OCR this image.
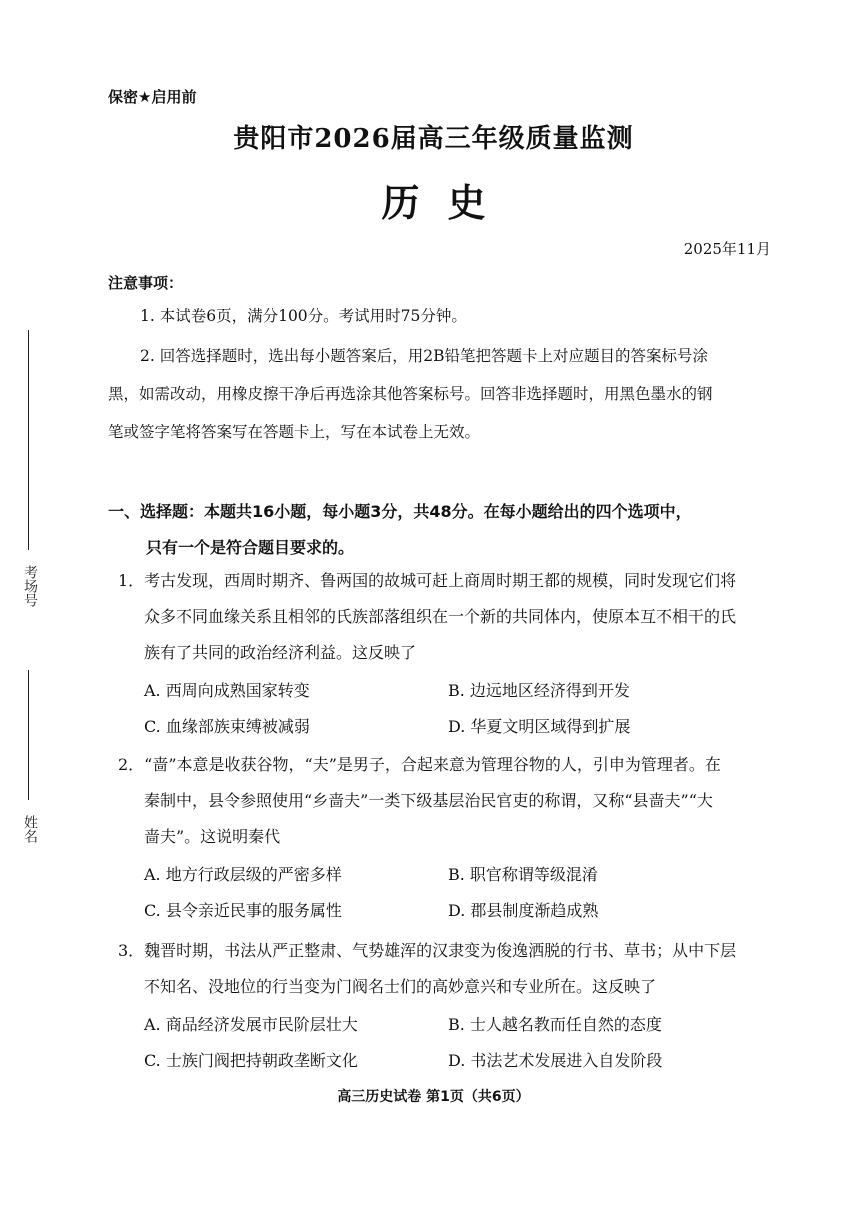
考场号
姓名
保密★启用前
贵阳市2026届高三年级质量监测
历史
2025年11月
注意事项：
1. 本试卷6页，满分100分。考试用时75分钟。
2. 回答选择题时，选出每小题答案后，用2B铅笔把答题卡上对应题目的答案标号涂
黑，如需改动，用橡皮擦干净后再选涂其他答案标号。回答非选择题时，用黑色墨水的钢
笔或签字笔将答案写在答题卡上，写在本试卷上无效。
一、选择题：本题共16小题，每小题3分，共48分。在每小题给出的四个选项中，
只有一个是符合题目要求的。
1．考古发现，西周时期齐、鲁两国的故城可赶上商周时期王都的规模，同时发现它们将
众多不同血缘关系且相邻的氏族部落组织在一个新的共同体内，使原本互不相干的氏
族有了共同的政治经济利益。这反映了
A. 西周向成熟国家转变	B. 边远地区经济得到开发
C. 血缘部族束缚被减弱	D. 华夏文明区域得到扩展
2．“啬”本意是收获谷物，“夫”是男子，合起来意为管理谷物的人，引申为管理者。在
秦制中，县令参照使用“乡啬夫”一类下级基层治民官吏的称谓，又称“县啬夫”“大
啬夫”。这说明秦代
A. 地方行政层级的严密多样	B. 职官称谓等级混淆
C. 县令亲近民事的服务属性	D. 郡县制度渐趋成熟
3．魏晋时期，书法从严正整肃、气势雄浑的汉隶变为俊逸洒脱的行书、草书；从中下层
不知名、没地位的行当变为门阀名士们的高妙意兴和专业所在。这反映了
A. 商品经济发展市民阶层壮大	B. 士人越名教而任自然的态度
C. 士族门阀把持朝政垄断文化	D. 书法艺术发展进入自发阶段
高三历史试卷 第1页（共6页）
